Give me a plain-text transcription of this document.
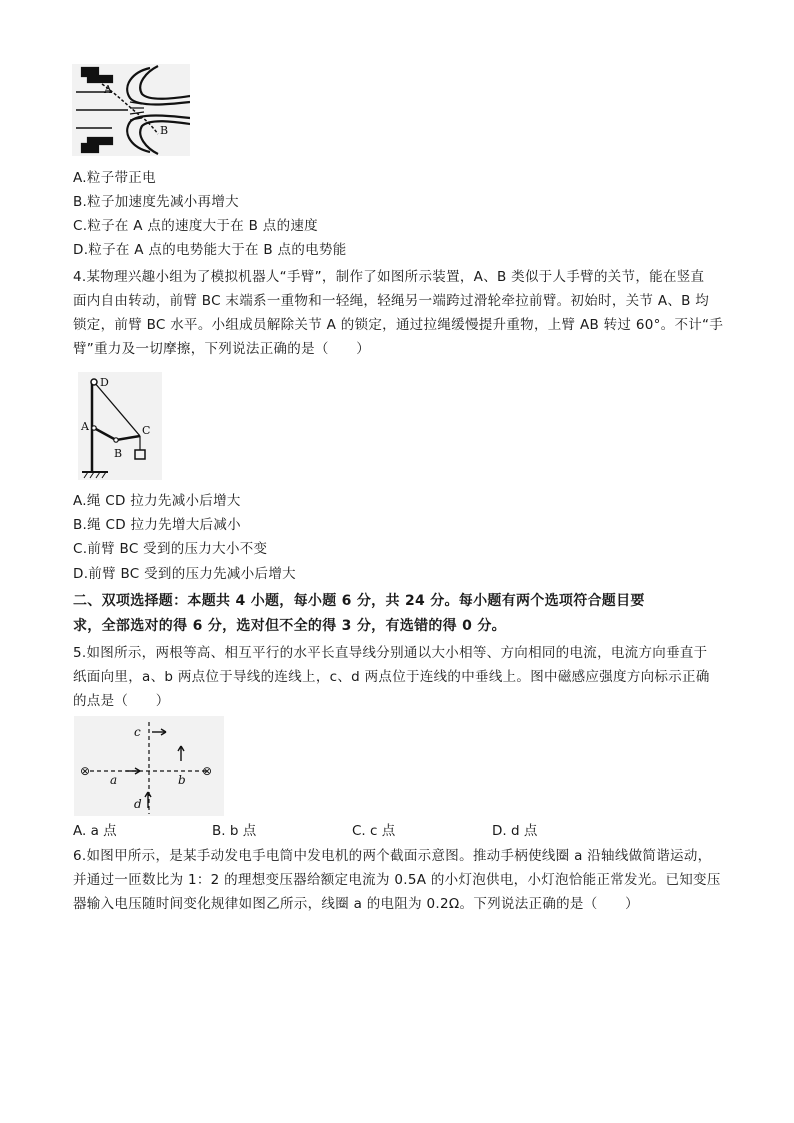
A
B
A.粒子带正电
B.粒子加速度先减小再增大
C.粒子在 A 点的速度大于在 B 点的速度
D.粒子在 A 点的电势能大于在 B 点的电势能
4.某物理兴趣小组为了模拟机器人“手臂”，制作了如图所示装置，A、B 类似于人手臂的关节，能在竖直
面内自由转动，前臂 BC 末端系一重物和一轻绳，轻绳另一端跨过滑轮牵拉前臂。初始时，关节 A、B 均
锁定，前臂 BC 水平。小组成员解除关节 A 的锁定，通过拉绳缓慢提升重物，上臂 AB 转过 60°。不计“手
臂”重力及一切摩擦，下列说法正确的是（　　）
D
A
B
C
A.绳 CD 拉力先减小后增大
B.绳 CD 拉力先增大后减小
C.前臂 BC 受到的压力大小不变
D.前臂 BC 受到的压力先减小后增大
二、双项选择题：本题共 4 小题，每小题 6 分，共 24 分。每小题有两个选项符合题目要
求，全部选对的得 6 分，选对但不全的得 3 分，有选错的得 0 分。
5.如图所示，两根等高、相互平行的水平长直导线分别通以大小相等、方向相同的电流，电流方向垂直于
纸面向里，a、b 两点位于导线的连线上，c、d 两点位于连线的中垂线上。图中磁感应强度方向标示正确
的点是（　　）
⊗	⊗
c
a	b
d
A. a 点	B. b 点	C. c 点	D. d 点
6.如图甲所示，是某手动发电手电筒中发电机的两个截面示意图。推动手柄使线圈 a 沿轴线做简谐运动，
并通过一匝数比为 1：2 的理想变压器给额定电流为 0.5A 的小灯泡供电，小灯泡恰能正常发光。已知变压
器输入电压随时间变化规律如图乙所示，线圈 a 的电阻为 0.2Ω。下列说法正确的是（　　）
